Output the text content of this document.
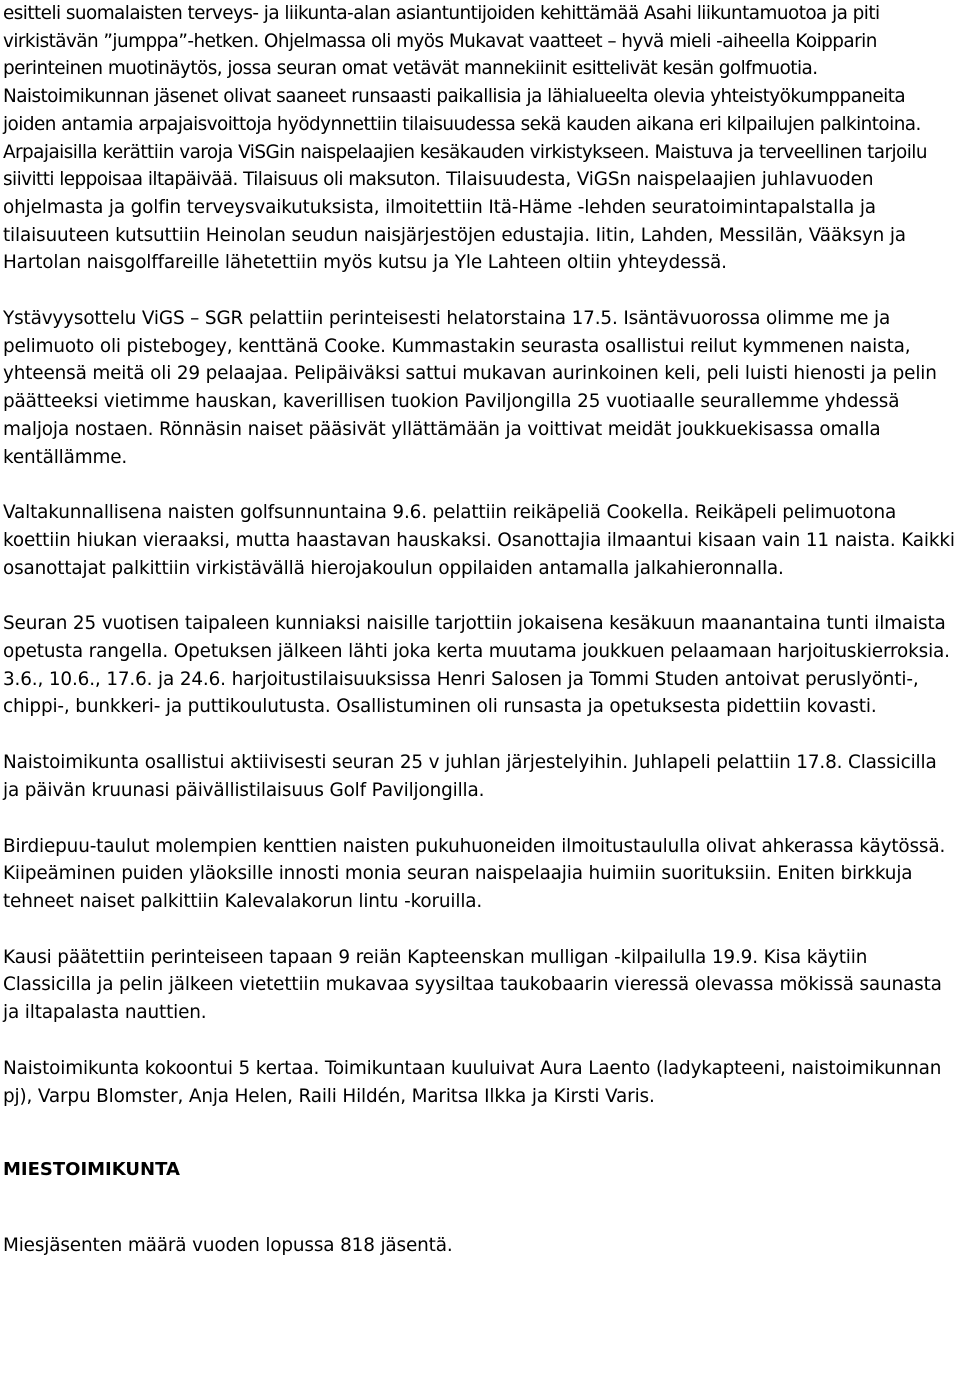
esitteli suomalaisten terveys- ja liikunta-alan asiantuntijoiden kehittämää Asahi liikuntamuotoa ja piti virkistävän ”jumppa”-hetken. Ohjelmassa oli myös Mukavat vaatteet – hyvä mieli -aiheella Koipparin perinteinen muotinäytös, jossa seuran omat vetävät mannekiinit esittelivät kesän golfmuotia. Naistoimikunnan jäsenet olivat saaneet runsaasti paikallisia ja lähialueelta olevia yhteistyökumppaneita joiden antamia arpajaisvoittoja hyödynnettiin tilaisuudessa sekä kauden aikana eri kilpailujen palkintoina. Arpajaisilla kerättiin varoja ViSGin naispelaajien kesäkauden virkistykseen. Maistuva ja terveellinen tarjoilu siivitti leppoisaa iltapäivää. Tilaisuus oli maksuton. Tilaisuudesta, ViGSn naispelaajien juhlavuoden ohjelmasta ja golfin terveysvaikutuksista, ilmoitettiin Itä-Häme -lehden seuratoimintapalstalla ja tilaisuuteen kutsuttiin Heinolan seudun naisjärjestöjen edustajia. Iitin, Lahden, Messilän, Vääksyn ja Hartolan naisgolffareille lähetettiin myös kutsu ja Yle Lahteen oltiin yhteydessä.

Ystävyysottelu ViGS – SGR pelattiin perinteisesti helatorstaina 17.5. Isäntävuorossa olimme me ja pelimuoto oli pistebogey, kenttänä Cooke. Kummastakin seurasta osallistui reilut kymmenen naista, yhteensä meitä oli 29 pelaajaa. Pelipäiväksi sattui mukavan aurinkoinen keli, peli luisti hienosti ja pelin päätteeksi vietimme hauskan, kaverillisen tuokion Paviljongilla 25 vuotiaalle seurallemme yhdessä maljoja nostaen. Rönnäsin naiset pääsivät yllättämään ja voittivat meidät joukkuekisassa omalla kentällämme.

Valtakunnallisena naisten golfsunnuntaina 9.6. pelattiin reikäpeliä Cookella. Reikäpeli pelimuotona koettiin hiukan vieraaksi, mutta haastavan hauskaksi. Osanottajia ilmaantui kisaan vain 11 naista. Kaikki osanottajat palkittiin virkistävällä hierojakoulun oppilaiden antamalla jalkahieronnalla.

Seuran 25 vuotisen taipaleen kunniaksi naisille tarjottiin jokaisena kesäkuun maanantaina tunti ilmaista opetusta rangella. Opetuksen jälkeen lähti joka kerta muutama joukkuen pelaamaan harjoituskierroksia. 3.6., 10.6., 17.6. ja 24.6. harjoitustilaisuuksissa Henri Salosen ja Tommi Studen antoivat peruslyönti-, chippi-, bunkkeri- ja puttikoulutusta. Osallistuminen oli runsasta ja opetuksesta pidettiin kovasti.

Naistoimikunta osallistui aktiivisesti seuran 25 v juhlan järjestelyihin. Juhlapeli pelattiin 17.8. Classicilla ja päivän kruunasi päivällistilaisuus Golf Paviljongilla.

Birdiepuu-taulut molempien kenttien naisten pukuhuoneiden ilmoitustaululla olivat ahkerassa käytössä. Kiipeäminen puiden yläoksille innosti monia seuran naispelaajia huimiin suorituksiin. Eniten birkkuja tehneet naiset palkittiin Kalevalakorun lintu -koruilla.

Kausi päätettiin perinteiseen tapaan 9 reiän Kapteenskan mulligan -kilpailulla 19.9. Kisa käytiin Classicilla ja pelin jälkeen vietettiin mukavaa syysiltaa taukobaarin vieressä olevassa mökissä saunasta ja iltapalasta nauttien.

Naistoimikunta kokoontui 5 kertaa. Toimikuntaan kuuluivat Aura Laento (ladykapteeni, naistoimikunnan pj), Varpu Blomster, Anja Helen, Raili Hildén, Maritsa Ilkka ja Kirsti Varis.

MIESTOIMIKUNTA

Miesjäsenten määrä vuoden lopussa 818 jäsentä.
